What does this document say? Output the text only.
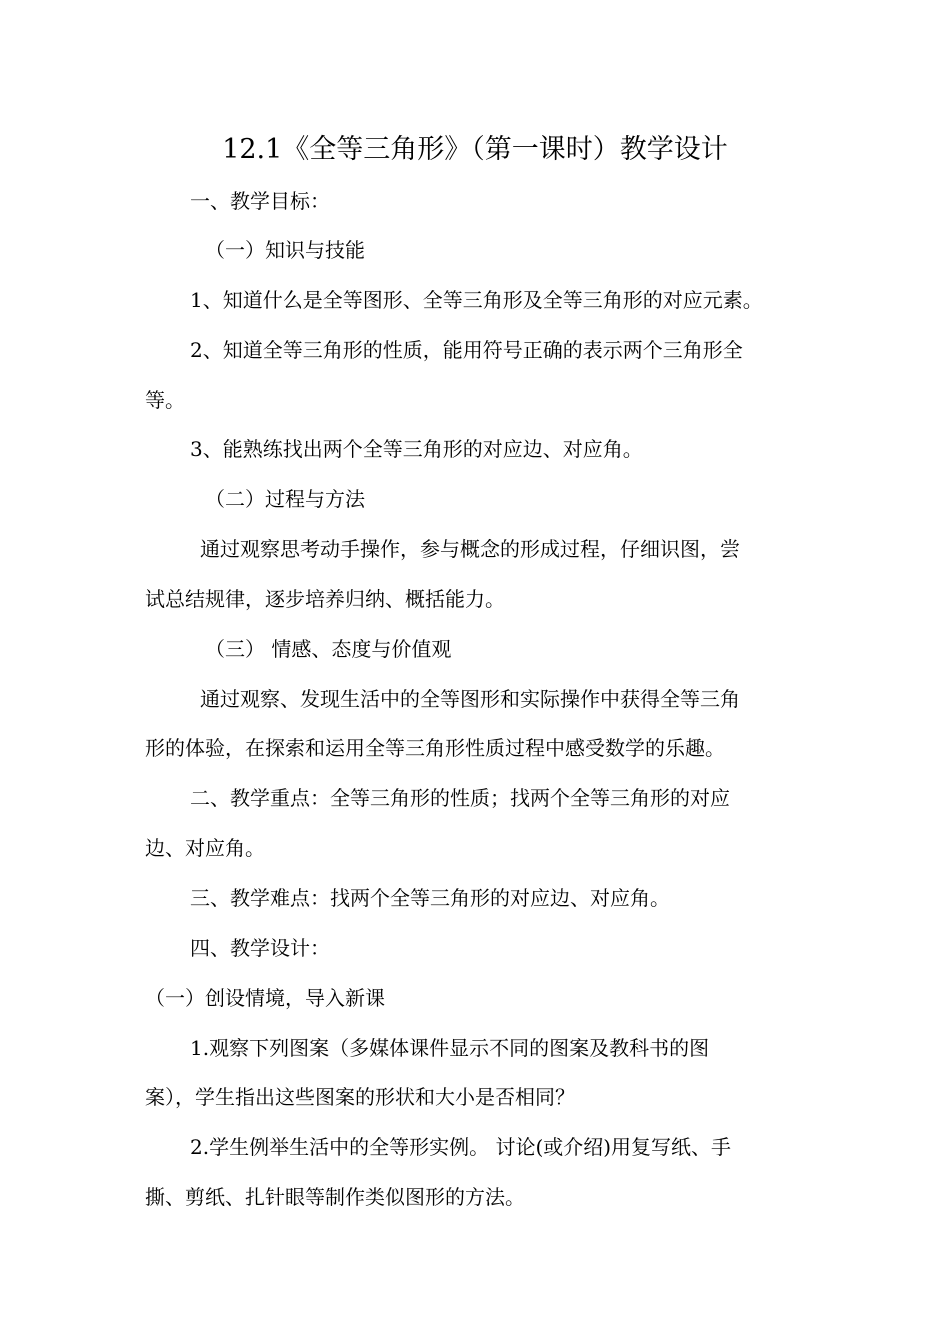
12.1《全等三角形》（第一课时）教学设计
一、教学目标：
（一）知识与技能
1、知道什么是全等图形、全等三角形及全等三角形的对应元素。
2、知道全等三角形的性质，能用符号正确的表示两个三角形全
等。
3、能熟练找出两个全等三角形的对应边、对应角。
（二）过程与方法
通过观察思考动手操作，参与概念的形成过程，仔细识图，尝
试总结规律，逐步培养归纳、概括能力。
（三） 情感、态度与价值观
通过观察、发现生活中的全等图形和实际操作中获得全等三角
形的体验，在探索和运用全等三角形性质过程中感受数学的乐趣。
二、教学重点：全等三角形的性质；找两个全等三角形的对应
边、对应角。
三、教学难点：找两个全等三角形的对应边、对应角。
四、教学设计：
（一）创设情境，导入新课
1.观察下列图案（多媒体课件显示不同的图案及教科书的图
案），学生指出这些图案的形状和大小是否相同？
2.学生例举生活中的全等形实例。 讨论(或介绍)用复写纸、手
撕、剪纸、扎针眼等制作类似图形的方法。
